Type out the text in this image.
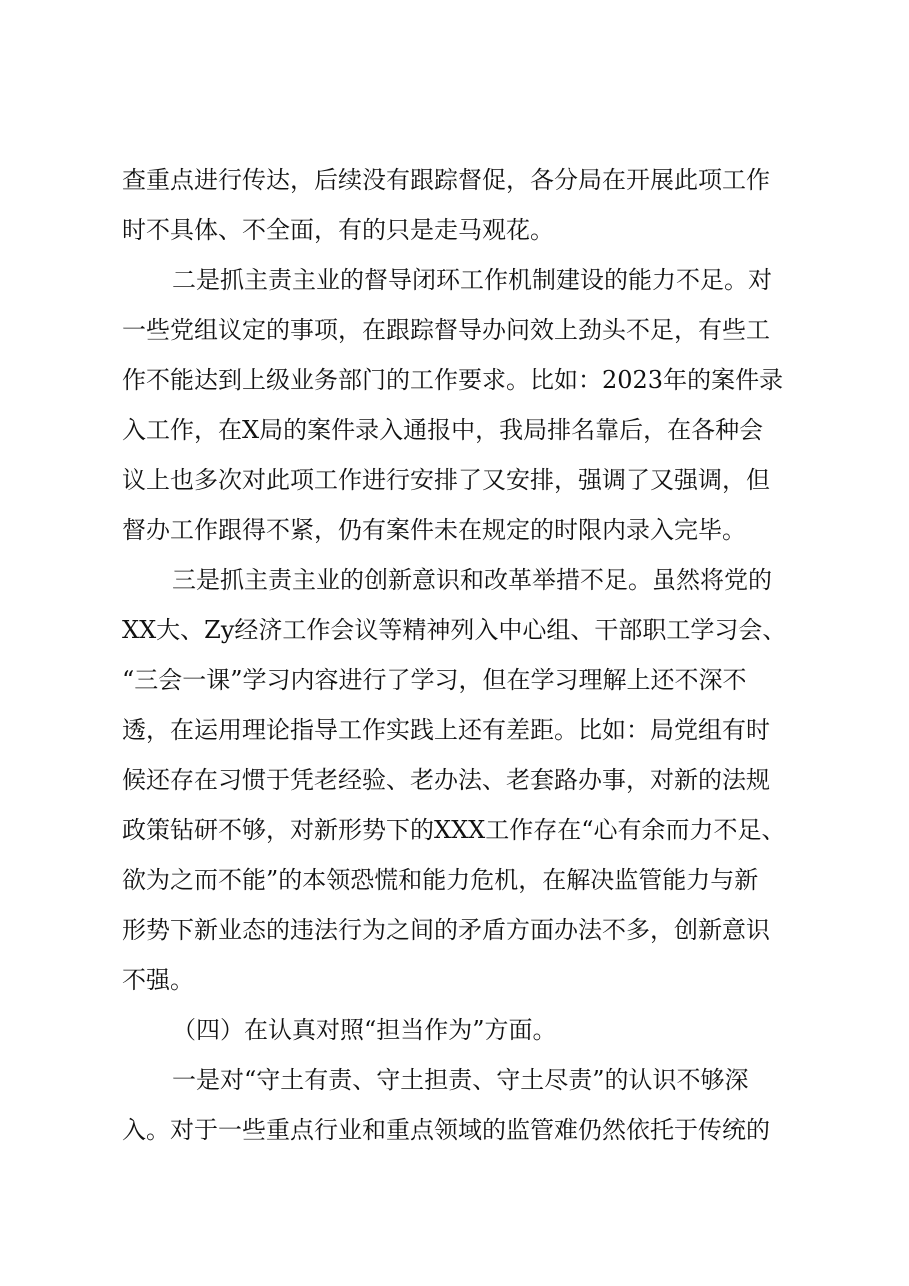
查重点进行传达，后续没有跟踪督促，各分局在开展此项工作
时不具体、不全面，有的只是走马观花。
二是抓主责主业的督导闭环工作机制建设的能力不足。对
一些党组议定的事项，在跟踪督导办问效上劲头不足，有些工
作不能达到上级业务部门的工作要求。比如：2023年的案件录
入工作，在X局的案件录入通报中，我局排名靠后，在各种会
议上也多次对此项工作进行安排了又安排，强调了又强调，但
督办工作跟得不紧，仍有案件未在规定的时限内录入完毕。
三是抓主责主业的创新意识和改革举措不足。虽然将党的
XX大、Zy经济工作会议等精神列入中心组、干部职工学习会、
“三会一课”学习内容进行了学习，但在学习理解上还不深不
透，在运用理论指导工作实践上还有差距。比如：局党组有时
候还存在习惯于凭老经验、老办法、老套路办事，对新的法规
政策钻研不够，对新形势下的XXX工作存在“心有余而力不足、
欲为之而不能”的本领恐慌和能力危机，在解决监管能力与新
形势下新业态的违法行为之间的矛盾方面办法不多，创新意识
不强。
（四）在认真对照“担当作为”方面。
一是对“守土有责、守土担责、守土尽责”的认识不够深
入。对于一些重点行业和重点领域的监管难仍然依托于传统的
